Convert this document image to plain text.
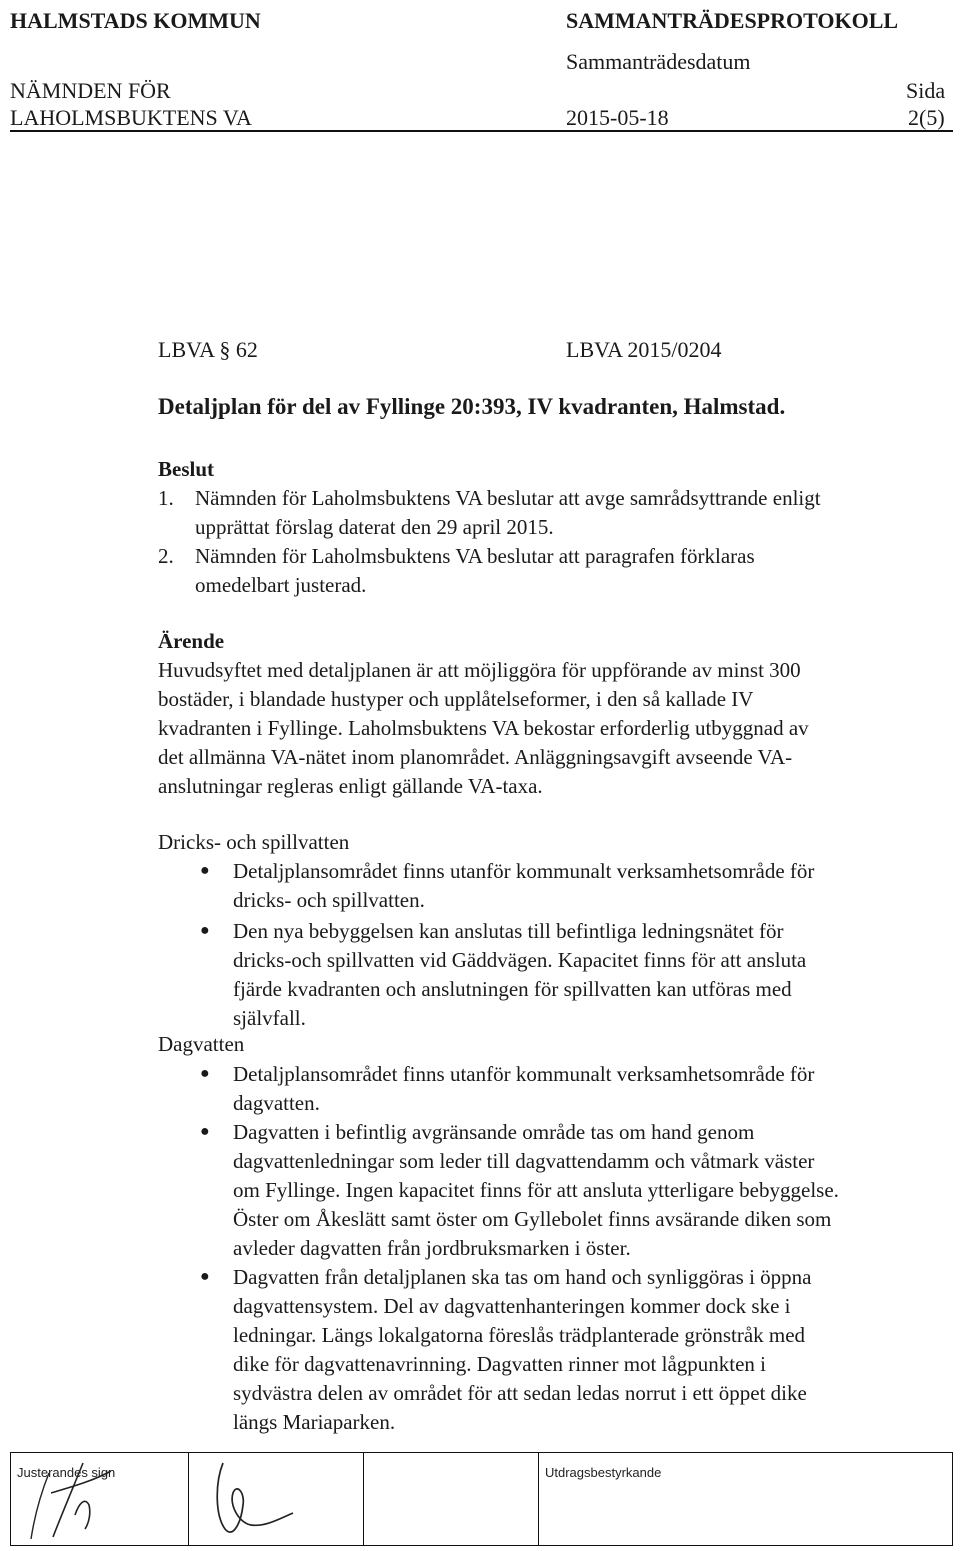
HALMSTADS KOMMUN	SAMMANTRÄDESPROTOKOLL
Sammanträdesdatum
NÄMNDEN FÖR	Sida
LAHOLMSBUKTENS VA	2015-05-18	2(5)
LBVA § 62	LBVA 2015/0204
Detaljplan för del av Fyllinge 20:393, IV kvadranten, Halmstad.
Beslut
1. Nämnden för Laholmsbuktens VA beslutar att avge samrådsyttrande enligt
upprättat förslag daterat den 29 april 2015.
2. Nämnden för Laholmsbuktens VA beslutar att paragrafen förklaras
omedelbart justerad.
Ärende
Huvudsyftet med detaljplanen är att möjliggöra för uppförande av minst 300
bostäder, i blandade hustyper och upplåtelseformer, i den så kallade IV
kvadranten i Fyllinge. Laholmsbuktens VA bekostar erforderlig utbyggnad av
det allmänna VA-nätet inom planområdet. Anläggningsavgift avseende VA-
anslutningar regleras enligt gällande VA-taxa.
Dricks- och spillvatten
● Detaljplansområdet finns utanför kommunalt verksamhetsområde för
dricks- och spillvatten.
● Den nya bebyggelsen kan anslutas till befintliga ledningsnätet för
dricks-och spillvatten vid Gäddvägen. Kapacitet finns för att ansluta
fjärde kvadranten och anslutningen för spillvatten kan utföras med
självfall.
Dagvatten
● Detaljplansområdet finns utanför kommunalt verksamhetsområde för
dagvatten.
● Dagvatten i befintlig avgränsande område tas om hand genom
dagvattenledningar som leder till dagvattendamm och våtmark väster
om Fyllinge. Ingen kapacitet finns för att ansluta ytterligare bebyggelse.
Öster om Åkeslätt samt öster om Gyllebolet finns avsärande diken som
avleder dagvatten från jordbruksmarken i öster.
● Dagvatten från detaljplanen ska tas om hand och synliggöras i öppna
dagvattensystem. Del av dagvattenhanteringen kommer dock ske i
ledningar. Längs lokalgatorna föreslås trädplanterade grönstråk med
dike för dagvattenavrinning. Dagvatten rinner mot lågpunkten i
sydvästra delen av området för att sedan ledas norrut i ett öppet dike
längs Mariaparken.
Justerandes sign	Utdragsbestyrkande
